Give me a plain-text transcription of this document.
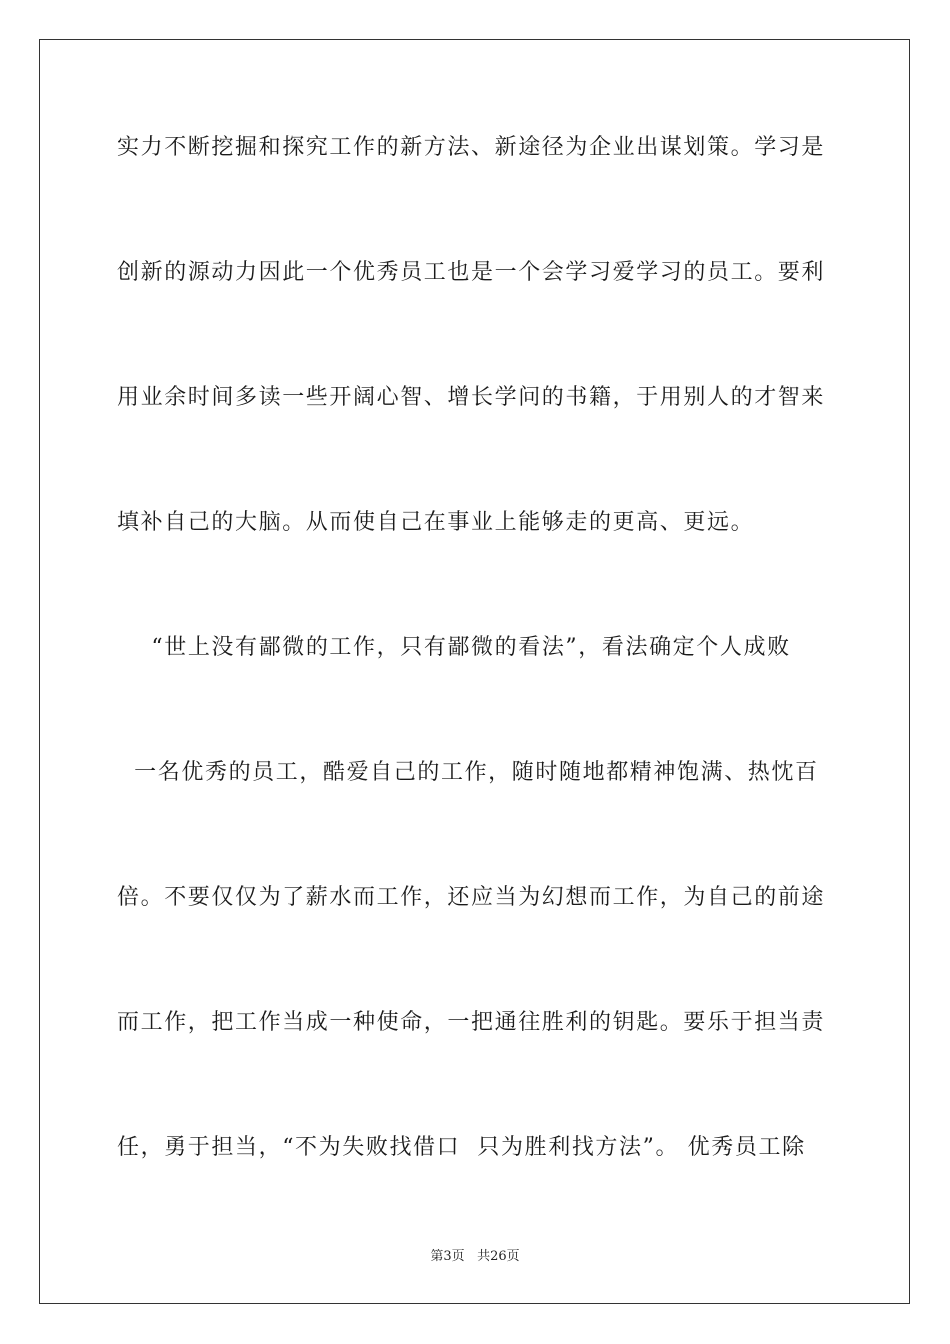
实力不断挖掘和探究工作的新方法、新途径为企业出谋划策。学习是
创新的源动力因此一个优秀员工也是一个会学习爱学习的员工。要利
用业余时间多读一些开阔心智、增长学问的书籍，于用别人的才智来
填补自己的大脑。从而使自己在事业上能够走的更高、更远。
“世上没有鄙微的工作，只有鄙微的看法”，看法确定个人成败
一名优秀的员工，酷爱自己的工作，随时随地都精神饱满、热忱百
倍。不要仅仅为了薪水而工作，还应当为幻想而工作，为自己的前途
而工作，把工作当成一种使命，一把通往胜利的钥匙。要乐于担当责
任，勇于担当，“不为失败找借口  只为胜利找方法”。 优秀员工除
第3页 共26页
